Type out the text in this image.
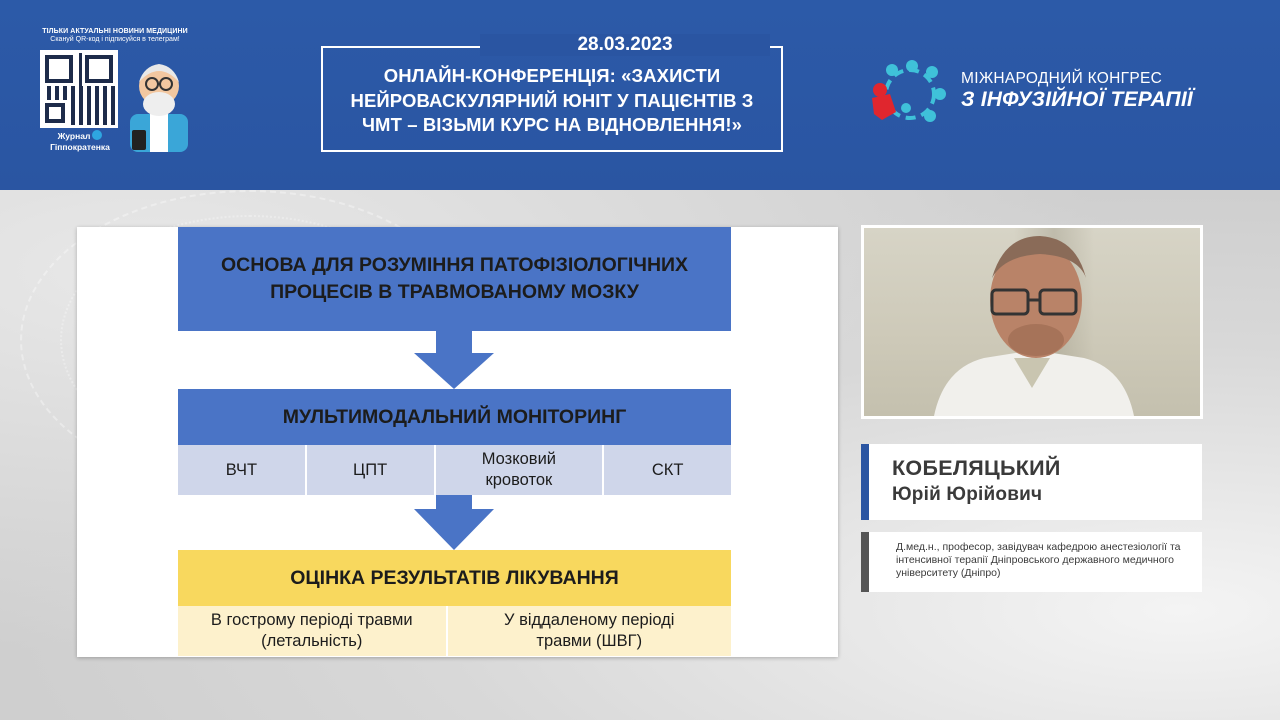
ТІЛЬКИ АКТУАЛЬНІ НОВИНИ МЕДИЦИНИ
Скануй QR-код і підписуйся в телеграм!
Журнал
Гіппократенка
28.03.2023
ОНЛАЙН-КОНФЕРЕНЦІЯ: «ЗАХИСТИ НЕЙРОВАСКУЛЯРНИЙ ЮНІТ У ПАЦІЄНТІВ З ЧМТ – ВІЗЬМИ КУРС НА ВІДНОВЛЕННЯ!»
МІЖНАРОДНИЙ КОНГРЕС
З ІНФУЗІЙНОЇ ТЕРАПІЇ
ОСНОВА ДЛЯ РОЗУМІННЯ ПАТОФІЗІОЛОГІЧНИХ ПРОЦЕСІВ В ТРАВМОВАНОМУ МОЗКУ
МУЛЬТИМОДАЛЬНИЙ МОНІТОРИНГ
ВЧТ	ЦПТ
Мозковий кровоток
СКТ
ОЦІНКА РЕЗУЛЬТАТІВ ЛІКУВАННЯ
В гострому періоді травми (летальність)
У віддаленому періоді травми (ШВГ)
КОБЕЛЯЦЬКИЙ
Юрій Юрійович
Д.мед.н., професор, завідувач кафедрою анестезіології та інтенсивної терапії Дніпровського державного медичного університету (Дніпро)
